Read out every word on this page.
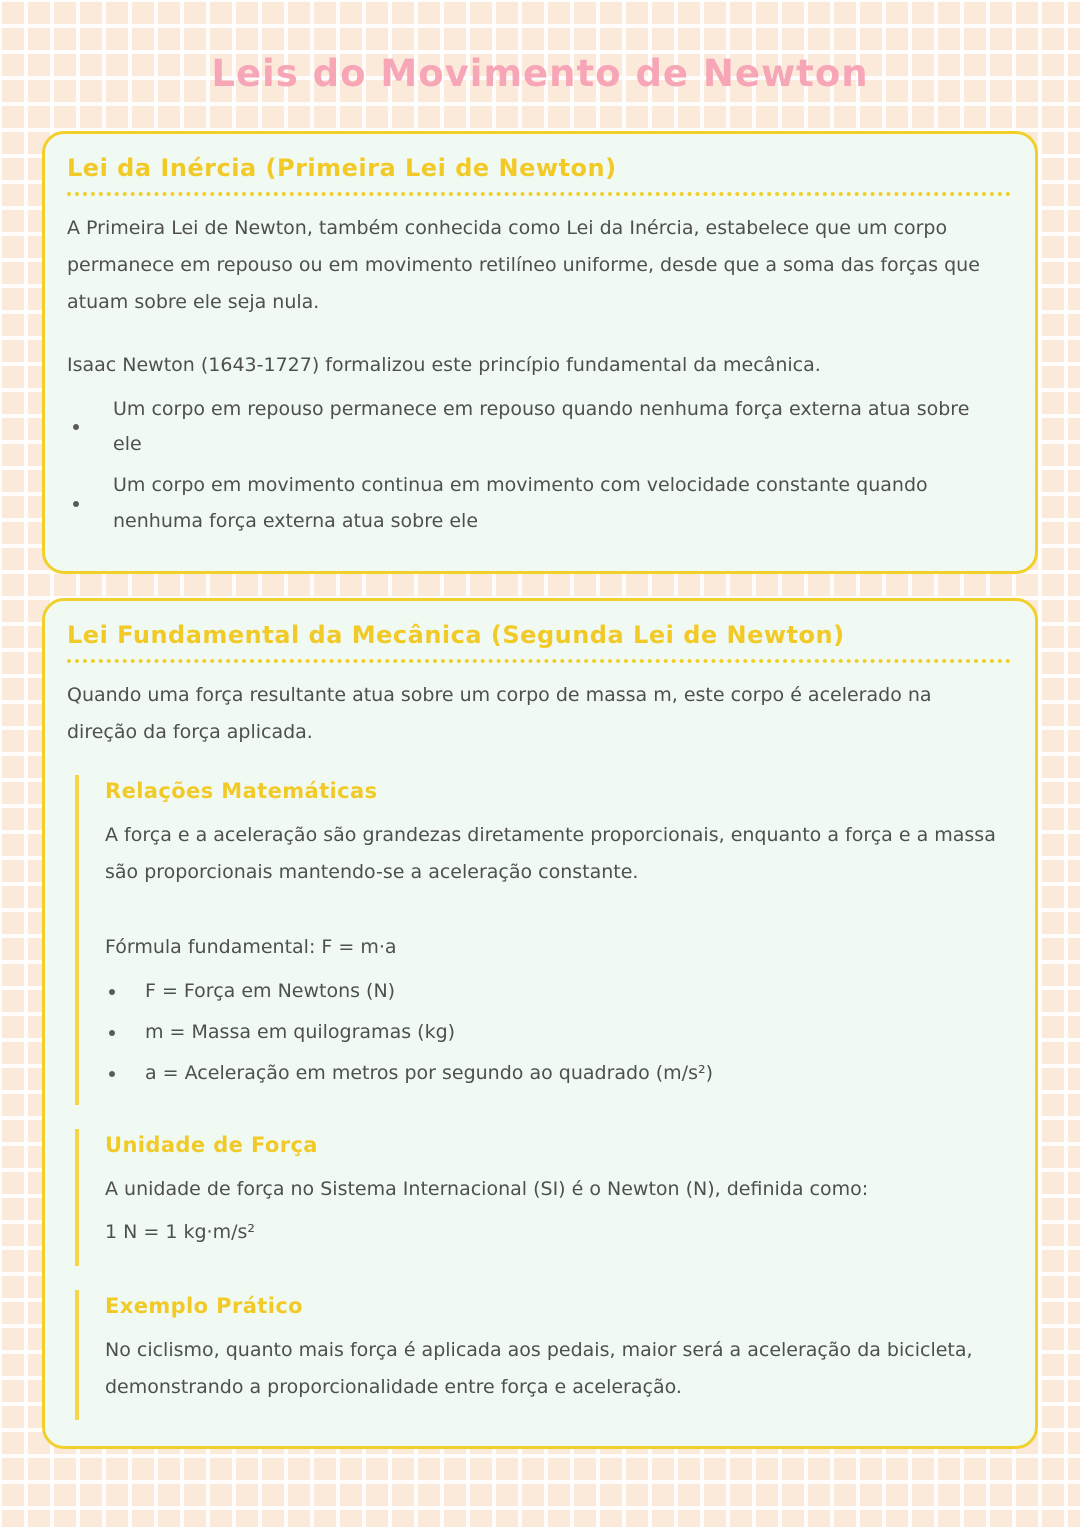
Leis do Movimento de Newton
Lei da Inércia (Primeira Lei de Newton)

A Primeira Lei de Newton, também conhecida como Lei da Inércia, estabelece que um corpo permanece em repouso ou em movimento retilíneo uniforme, desde que a soma das forças que atuam sobre ele seja nula.

Isaac Newton (1643-1727) formalizou este princípio fundamental da mecânica.

Um corpo em repouso permanece em repouso quando nenhuma força externa atua sobre ele
Um corpo em movimento continua em movimento com velocidade constante quando nenhuma força externa atua sobre ele
Lei Fundamental da Mecânica (Segunda Lei de Newton)

Quando uma força resultante atua sobre um corpo de massa m, este corpo é acelerado na direção da força aplicada.

Relações Matemáticas

A força e a aceleração são grandezas diretamente proporcionais, enquanto a força e a massa são proporcionais mantendo-se a aceleração constante.

Fórmula fundamental: F = m·a

F = Força em Newtons (N)
m = Massa em quilogramas (kg)
a = Aceleração em metros por segundo ao quadrado (m/s²)
Unidade de Força

A unidade de força no Sistema Internacional (SI) é o Newton (N), definida como:

1 N = 1 kg·m/s²

Exemplo Prático

No ciclismo, quanto mais força é aplicada aos pedais, maior será a aceleração da bicicleta, demonstrando a proporcionalidade entre força e aceleração.
